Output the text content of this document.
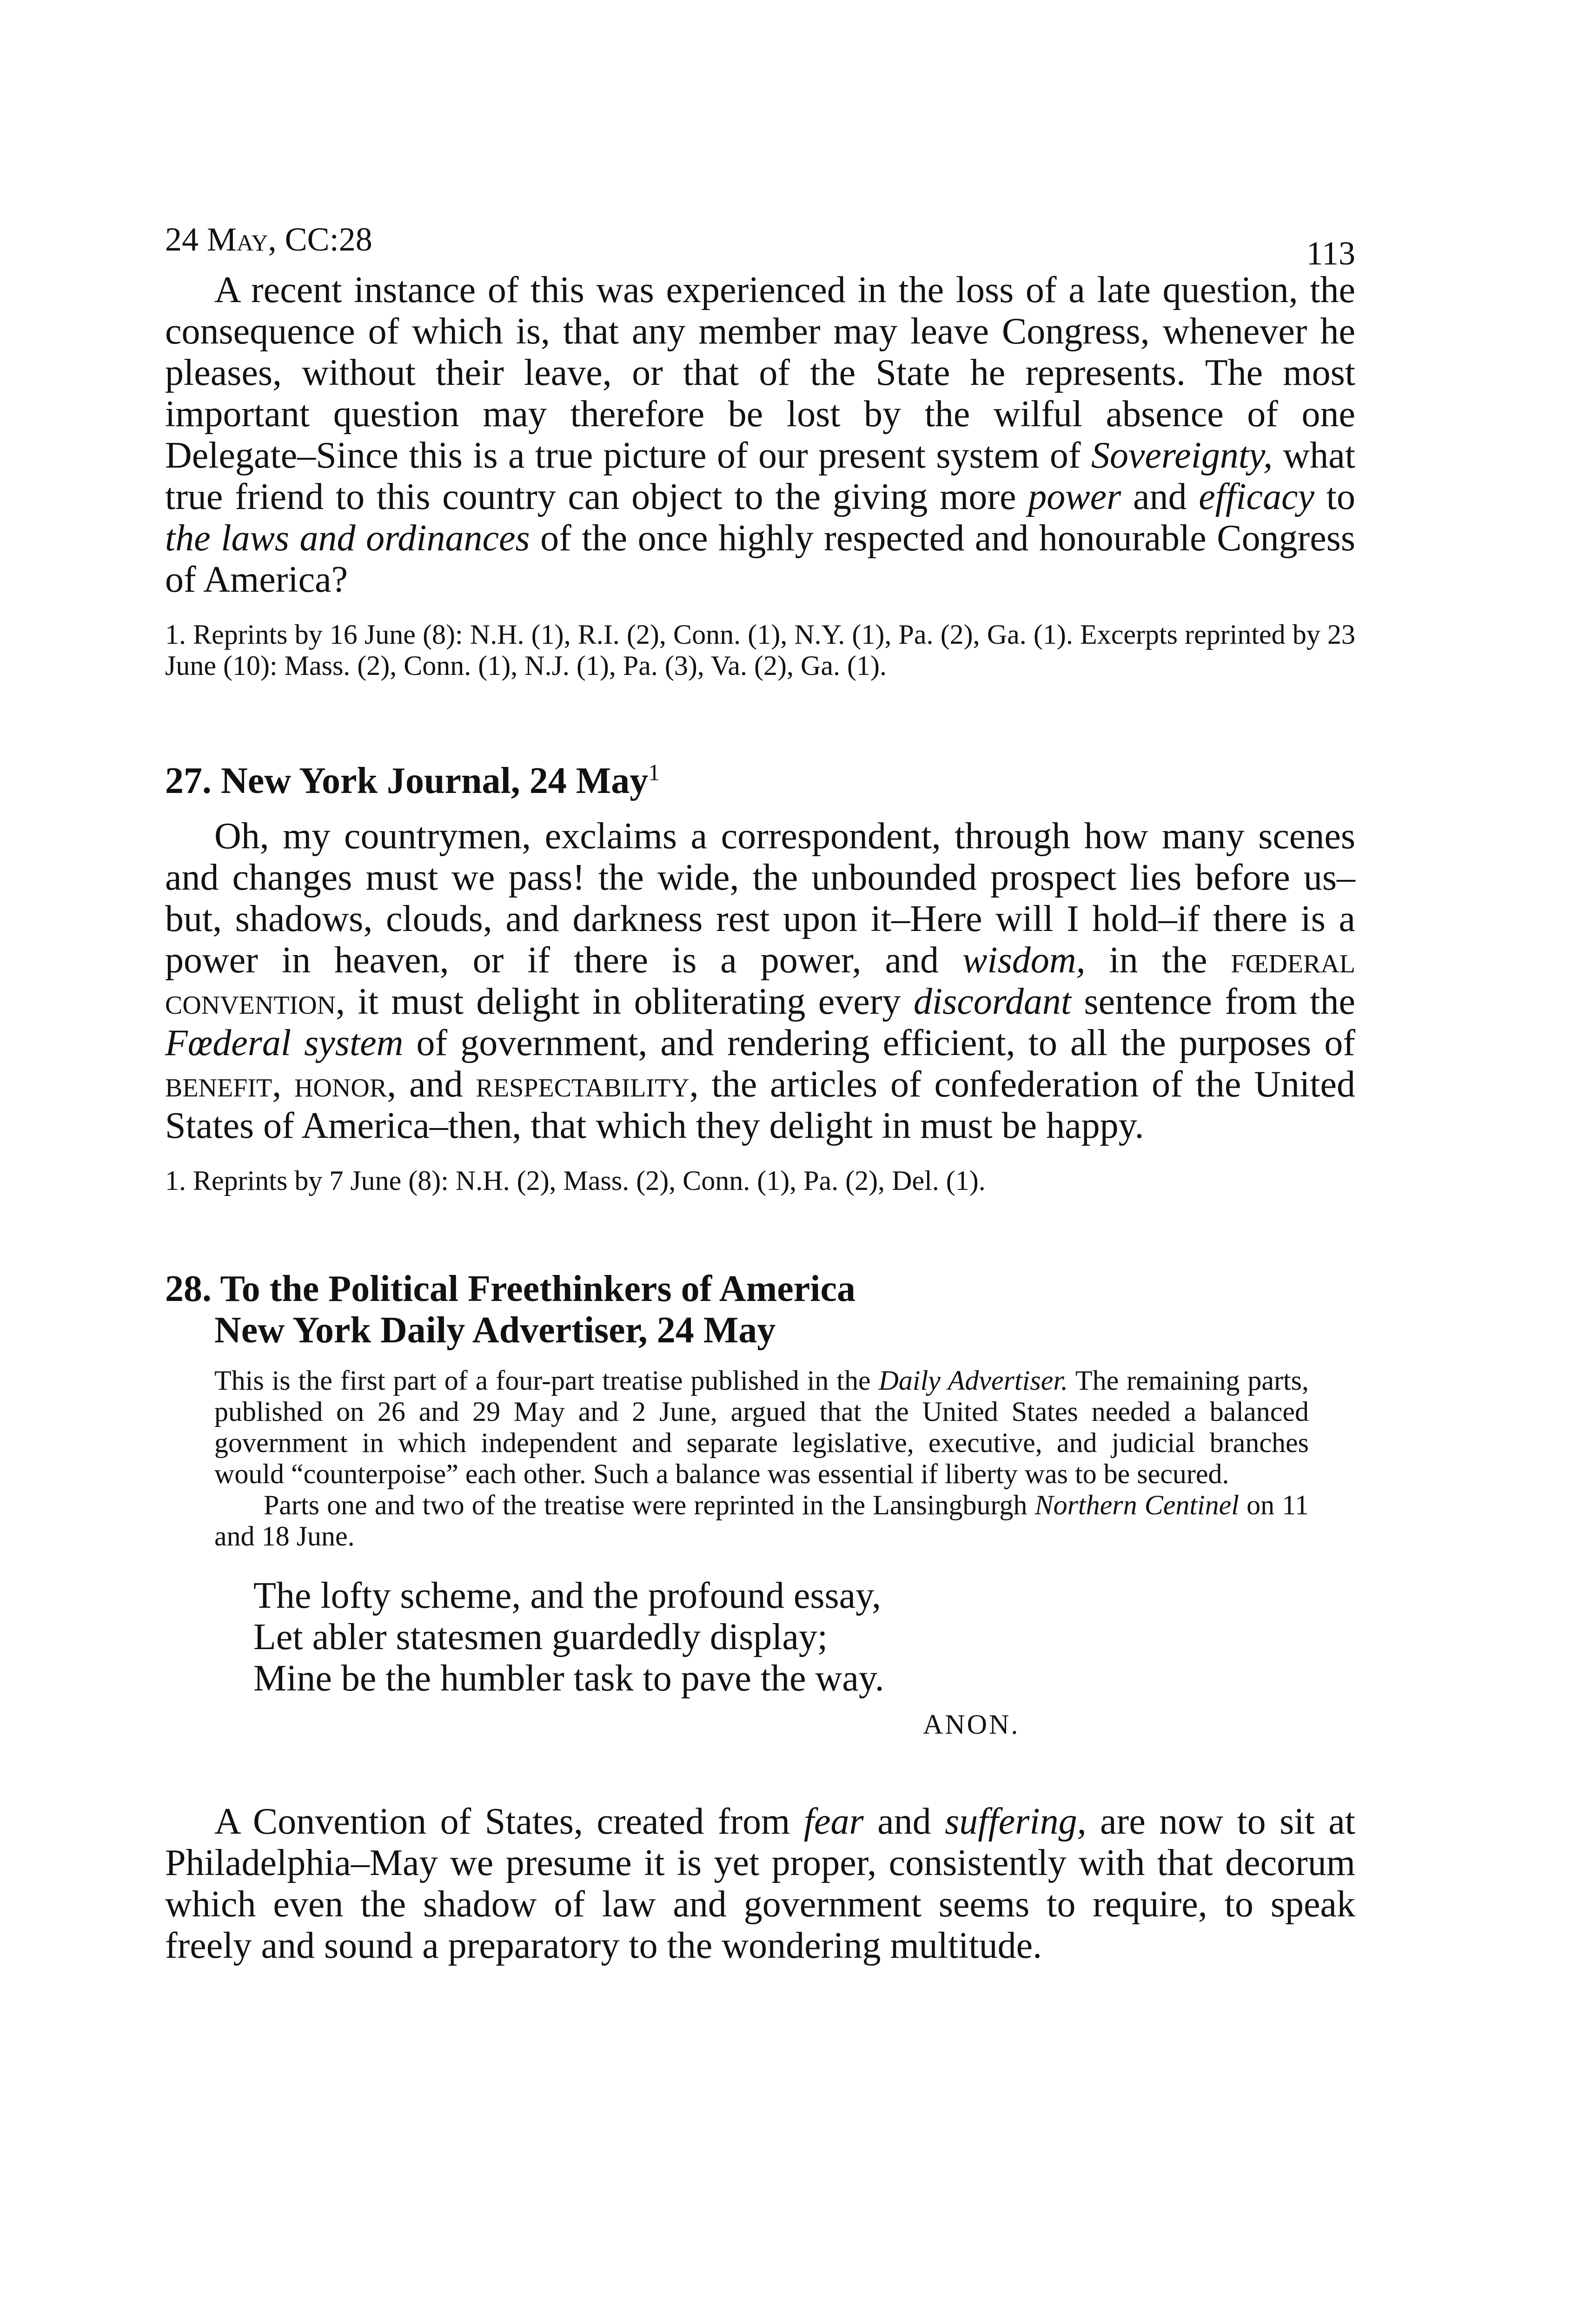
24 May, CC:28	113

A recent instance of this was experienced in the loss of a late question, the consequence of which is, that any member may leave Congress, whenever he pleases, without their leave, or that of the State he represents. The most important question may therefore be lost by the wilful absence of one Delegate–Since this is a true picture of our present system of Sovereignty, what true friend to this country can object to the giving more power and efficacy to the laws and ordinances of the once highly respected and honourable Congress of America?

1. Reprints by 16 June (8): N.H. (1), R.I. (2), Conn. (1), N.Y. (1), Pa. (2), Ga. (1). Excerpts reprinted by 23 June (10): Mass. (2), Conn. (1), N.J. (1), Pa. (3), Va. (2), Ga. (1).

27. New York Journal, 24 May$^1$

Oh, my countrymen, exclaims a correspondent, through how many scenes and changes must we pass! the wide, the unbounded prospect lies before us–but, shadows, clouds, and darkness rest upon it–Here will I hold–if there is a power in heaven, or if there is a power, and wisdom, in the fœderal convention, it must delight in obliterating every discordant sentence from the Fœderal system of government, and rendering efficient, to all the purposes of benefit, honor, and respectability, the articles of confederation of the United States of America–then, that which they delight in must be happy.

1. Reprints by 7 June (8): N.H. (2), Mass. (2), Conn. (1), Pa. (2), Del. (1).

28. To the Political Freethinkers of America
New York Daily Advertiser, 24 May

This is the first part of a four-part treatise published in the Daily Advertiser. The remaining parts, published on 26 and 29 May and 2 June, argued that the United States needed a balanced government in which independent and separate legislative, executive, and judicial branches would “counterpoise” each other. Such a balance was essential if liberty was to be secured.

Parts one and two of the treatise were reprinted in the Lansingburgh Northern Centinel on 11 and 18 June.

The lofty scheme, and the profound essay,
Let abler statesmen guardedly display;
Mine be the humbler task to pave the way.
ANON.

A Convention of States, created from fear and suffering, are now to sit at Philadelphia–May we presume it is yet proper, consistently with that decorum which even the shadow of law and government seems to require, to speak freely and sound a preparatory to the wondering multitude.
